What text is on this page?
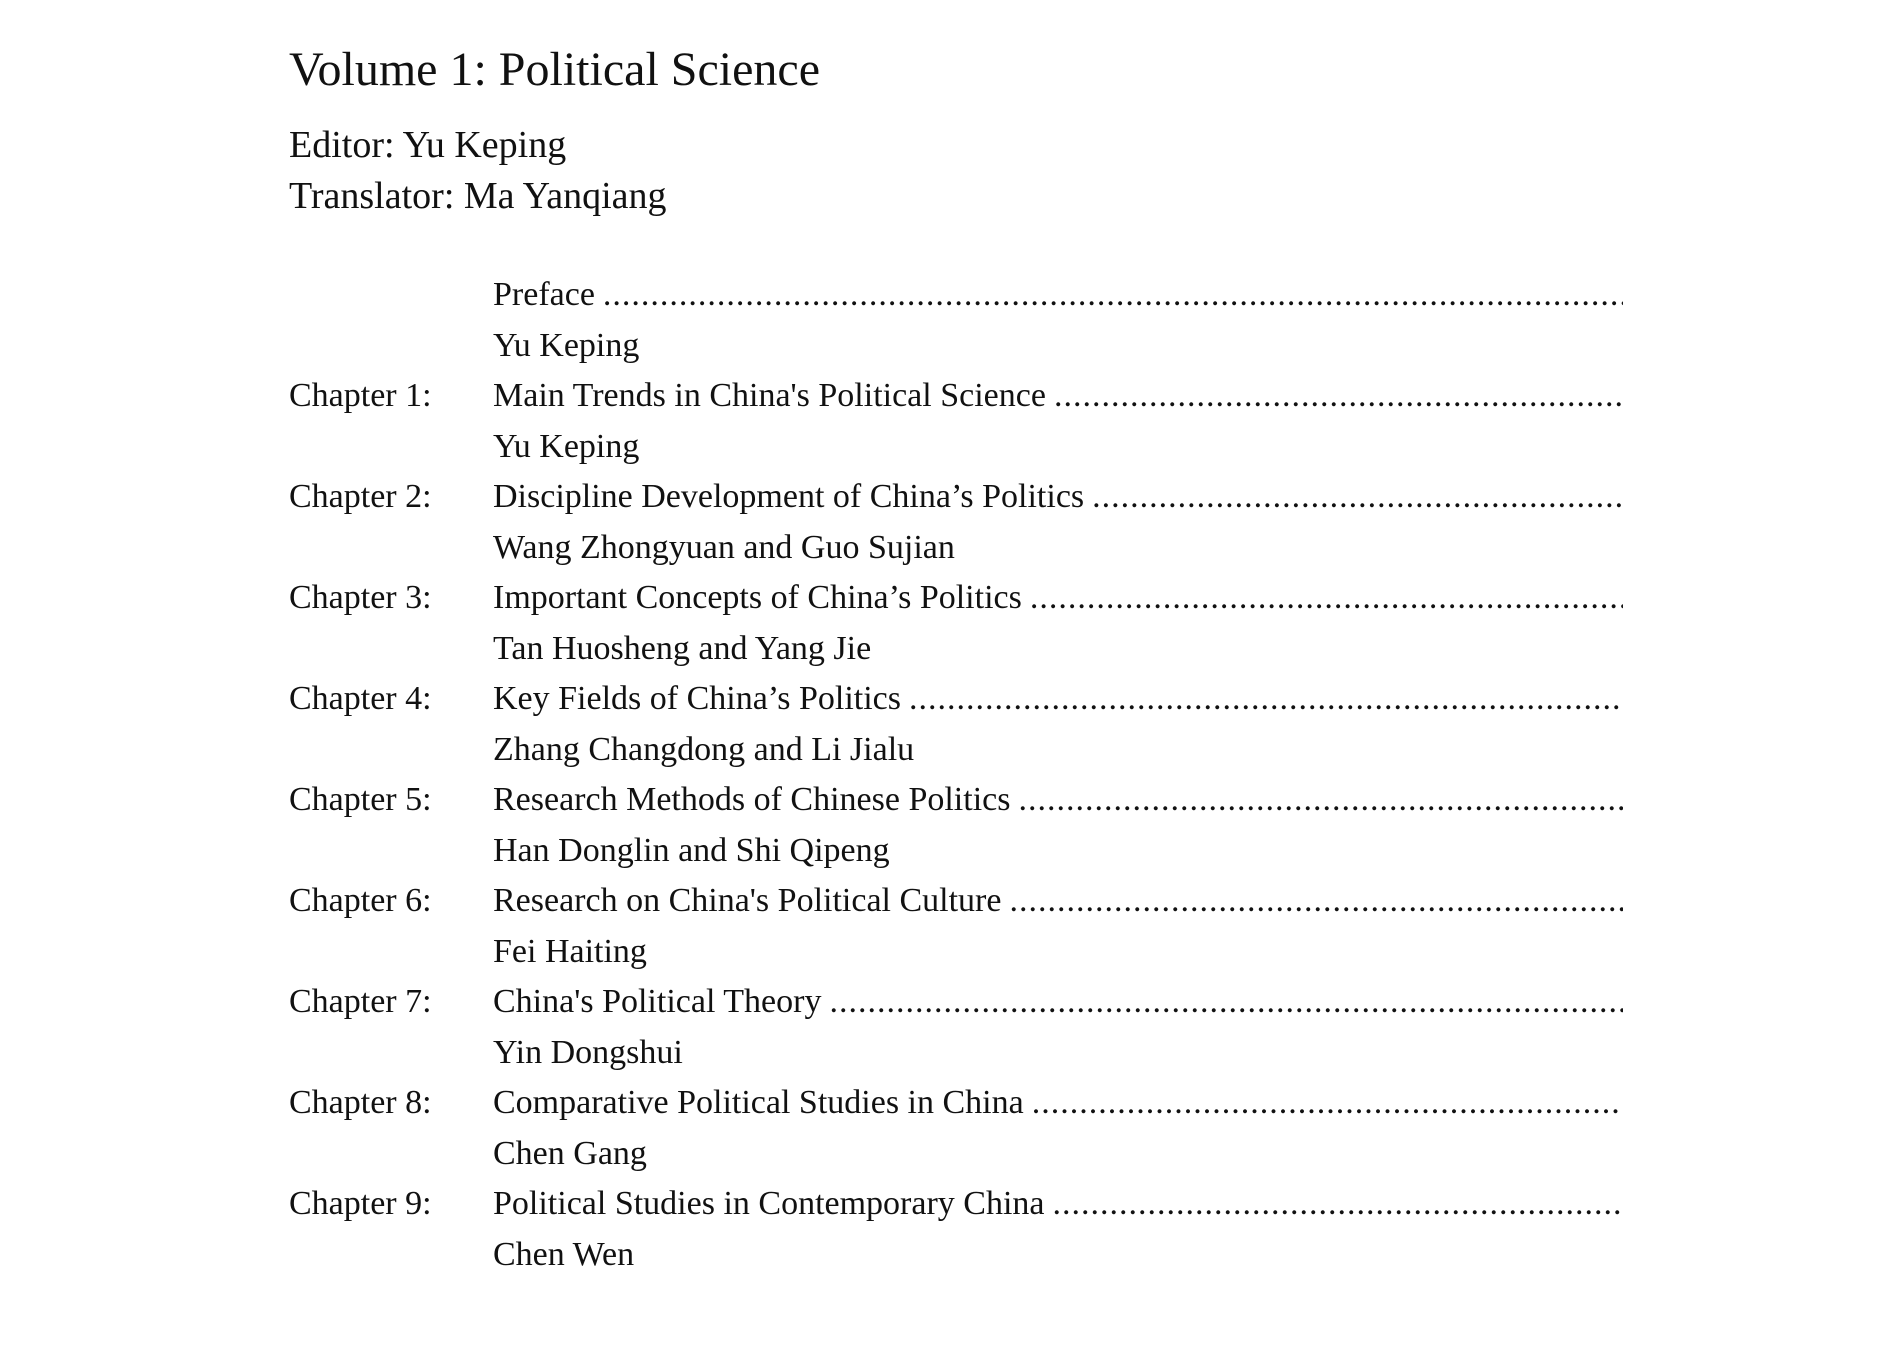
Volume 1: Political Science
Editor: Yu Keping
Translator: Ma Yanqiang
Preface
.....
Yu Keping
Chapter 1:	Main Trends in China's Political Science
.....
Yu Keping
Chapter 2:	Discipline Development of China’s Politics
.....
Wang Zhongyuan and Guo Sujian
Chapter 3:	Important Concepts of China’s Politics
.....
Tan Huosheng and Yang Jie
Chapter 4:	Key Fields of China’s Politics
.....
Zhang Changdong and Li Jialu
Chapter 5:	Research Methods of Chinese Politics
.....
Han Donglin and Shi Qipeng
Chapter 6:	Research on China's Political Culture
.....
Fei Haiting
Chapter 7:	China's Political Theory
.....
Yin Dongshui
Chapter 8:	Comparative Political Studies in China
.....
Chen Gang
Chapter 9:	Political Studies in Contemporary China
.....
Chen Wen
